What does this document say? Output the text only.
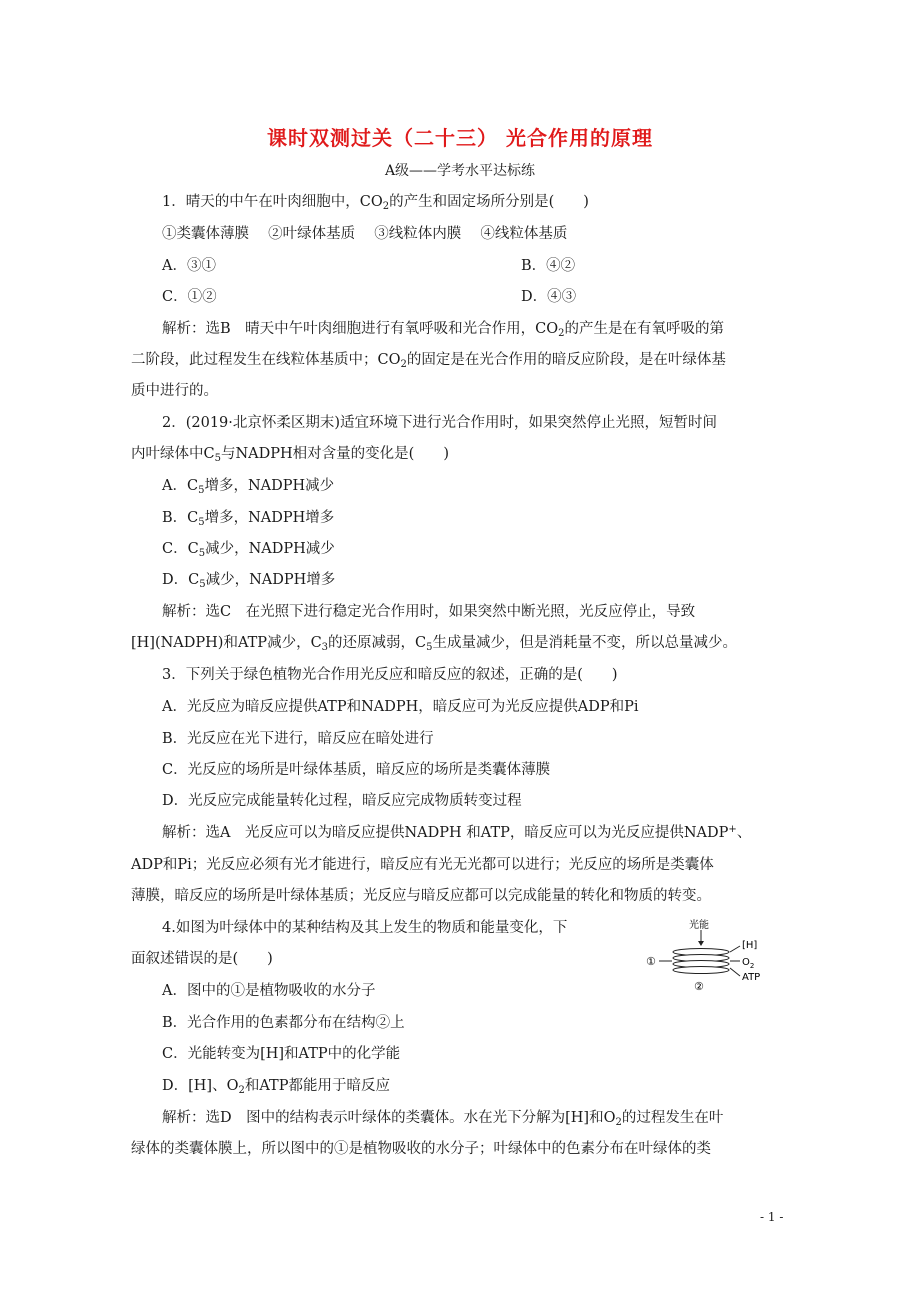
课时双测过关（二十三） 光合作用的原理
A级——学考水平达标练
1．晴天的中午在叶肉细胞中，$CO_2$的产生和固定场所分别是(　　)
①类囊体薄膜　 ②叶绿体基质　 ③线粒体内膜　 ④线粒体基质
A．③①	B．④②
C．①②	D．④③
解析：选B　晴天中午叶肉细胞进行有氧呼吸和光合作用，$CO_2$的产生是在有氧呼吸的第
二阶段，此过程发生在线粒体基质中；$CO_2$的固定是在光合作用的暗反应阶段，是在叶绿体基
质中进行的。
2．(2019·北京怀柔区期末)适宜环境下进行光合作用时，如果突然停止光照，短暂时间
内叶绿体中$C_5$与NADPH相对含量的变化是(　　)
A．$C_5$增多，NADPH减少
B．$C_5$增多，NADPH增多
C．$C_5$减少，NADPH减少
D．$C_5$减少，NADPH增多
解析：选C　在光照下进行稳定光合作用时，如果突然中断光照，光反应停止，导致
[H](NADPH)和ATP减少，$C_3$的还原减弱，$C_5$生成量减少，但是消耗量不变，所以总量减少。
3．下列关于绿色植物光合作用光反应和暗反应的叙述，正确的是(　　)
A．光反应为暗反应提供ATP和NADPH，暗反应可为光反应提供ADP和Pi
B．光反应在光下进行，暗反应在暗处进行
C．光反应的场所是叶绿体基质，暗反应的场所是类囊体薄膜
D．光反应完成能量转化过程，暗反应完成物质转变过程
解析：选A　光反应可以为暗反应提供NADPH 和ATP，暗反应可以为光反应提供NADP+、
ADP和Pi；光反应必须有光才能进行，暗反应有光无光都可以进行；光反应的场所是类囊体
薄膜，暗反应的场所是叶绿体基质；光反应与暗反应都可以完成能量的转化和物质的转变。
4.如图为叶绿体中的某种结构及其上发生的物质和能量变化，下
面叙述错误的是(　　)
A．图中的①是植物吸收的水分子
B．光合作用的色素都分布在结构②上
C．光能转变为[H]和ATP中的化学能
D．[H]、$O_2$和ATP都能用于暗反应
解析：选D　图中的结构表示叶绿体的类囊体。水在光下分解为[H]和$O_2$的过程发生在叶
绿体的类囊体膜上，所以图中的①是植物吸收的水分子；叶绿体中的色素分布在叶绿体的类
光能
①
②
[H]
$O_2$
ATP
- 1 -
